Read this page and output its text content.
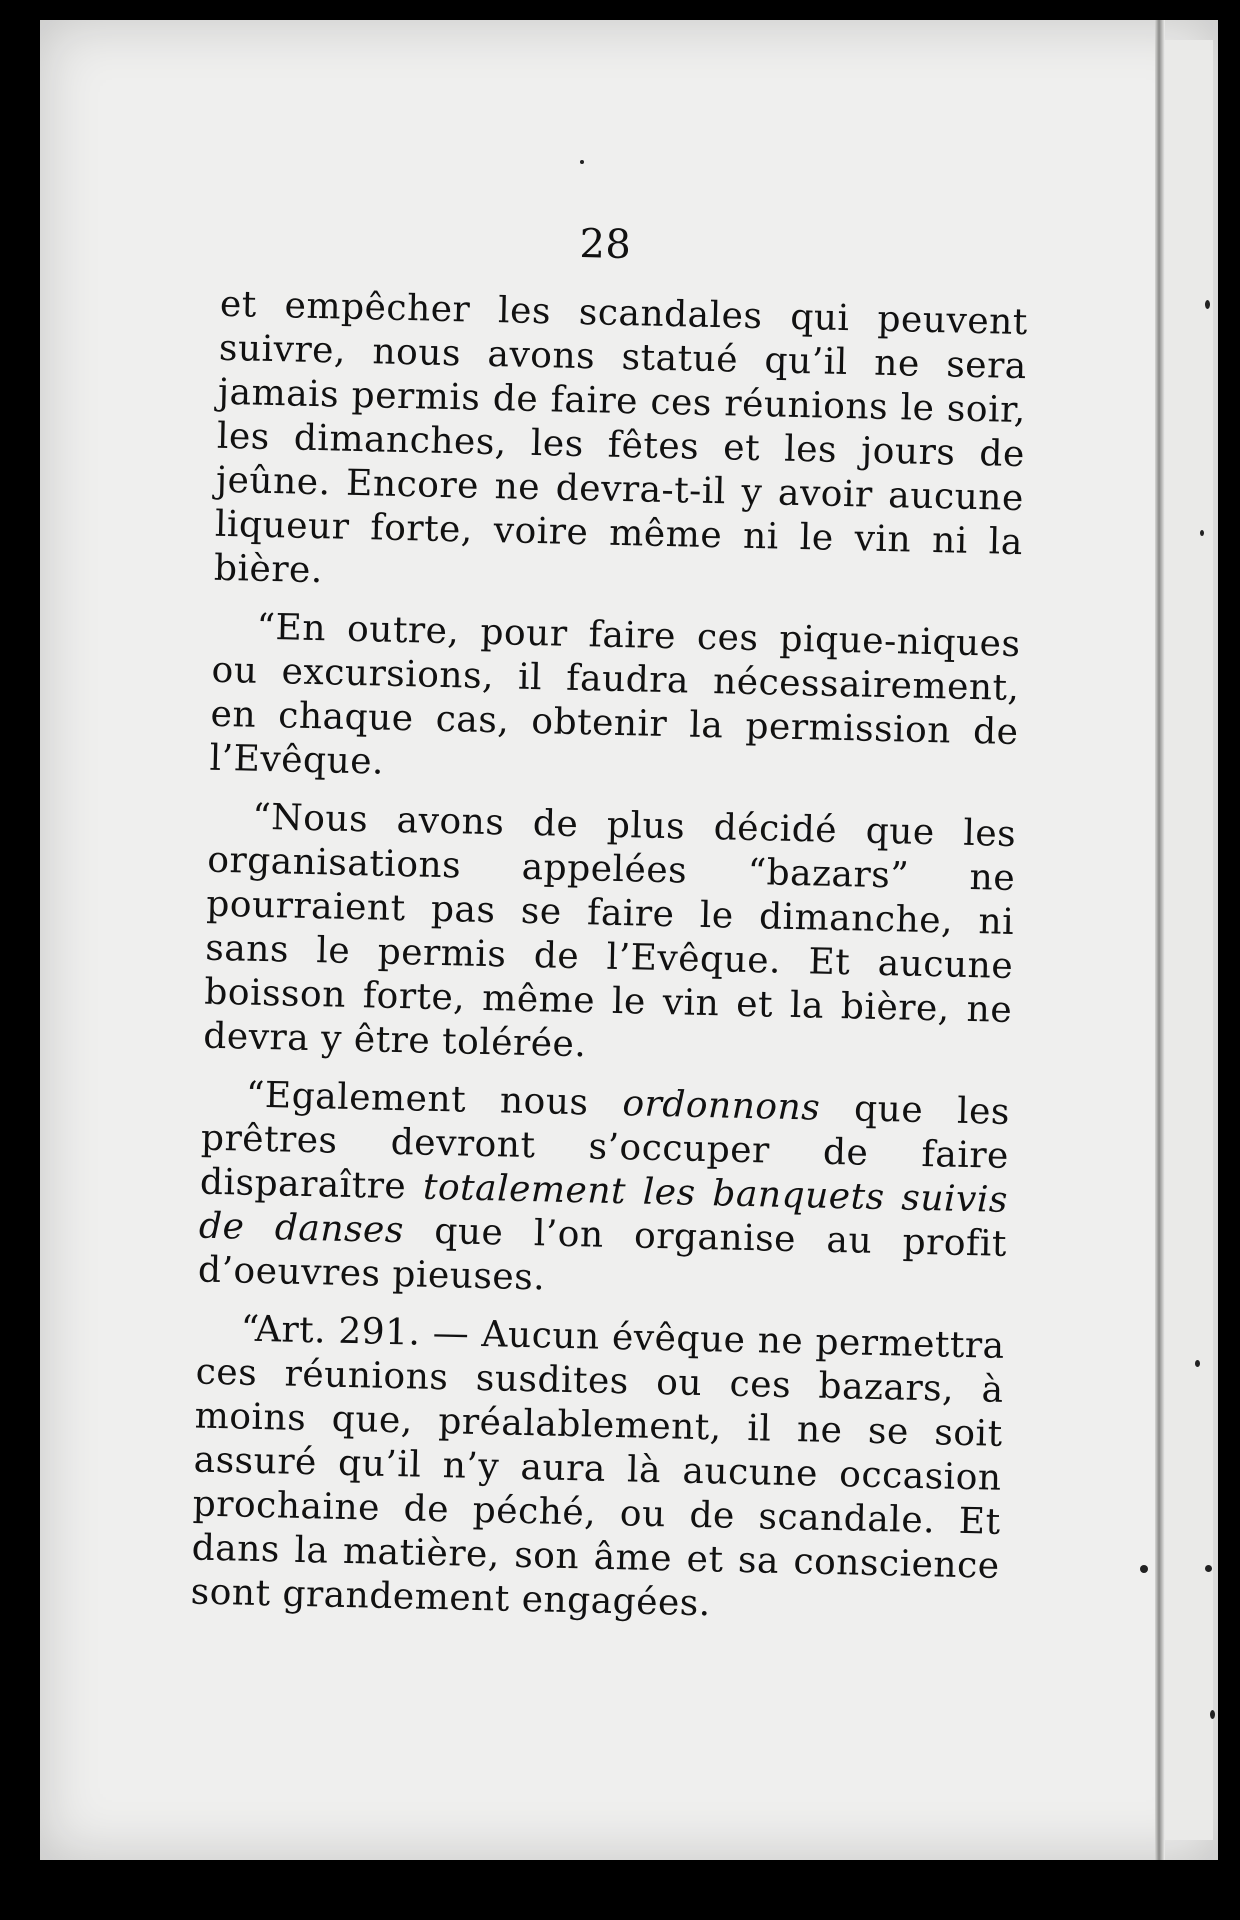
28

et empêcher les scandales qui peuvent suivre, nous avons statué qu’il ne sera jamais permis de faire ces réunions le soir, les dimanches, les fêtes et les jours de jeûne. Encore ne devra-t-il y avoir aucune liqueur forte, voire même ni le vin ni la bière.

“En outre, pour faire ces pique-niques ou excursions, il faudra nécessairement, en chaque cas, obtenir la permission de l’Evêque.

“Nous avons de plus décidé que les organisations appelées “bazars” ne pourraient pas se faire le dimanche, ni sans le permis de l’Evêque. Et aucune boisson forte, même le vin et la bière, ne devra y être tolérée.

“Egalement nous ordonnons que les prêtres devront s’occuper de faire disparaître totalement les banquets suivis de danses que l’on organise au profit d’oeuvres pieuses.

“Art. 291. — Aucun évêque ne permettra ces réunions susdites ou ces bazars, à moins que, préalablement, il ne se soit assuré qu’il n’y aura là aucune occasion prochaine de péché, ou de scandale. Et dans la matière, son âme et sa conscience sont grandement engagées.
